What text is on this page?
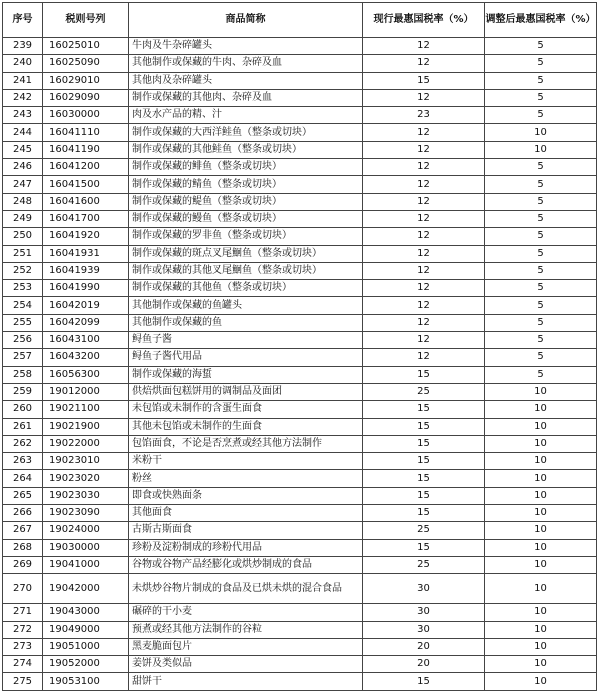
序号	税则号列	商品简称	现行最惠国税率（%）	调整后最惠国税率（%）
239	16025010	牛肉及牛杂碎罐头	12	5
240	16025090	其他制作或保藏的牛肉、杂碎及血	12	5
241	16029010	其他肉及杂碎罐头	15	5
242	16029090	制作或保藏的其他肉、杂碎及血	12	5
243	16030000	肉及水产品的精、汁	23	5
244	16041110	制作或保藏的大西洋鲑鱼（整条或切块）	12	10
245	16041190	制作或保藏的其他鲑鱼（整条或切块）	12	10
246	16041200	制作或保藏的鲱鱼（整条或切块）	12	5
247	16041500	制作或保藏的鲭鱼（整条或切块）	12	5
248	16041600	制作或保藏的鳀鱼（整条或切块）	12	5
249	16041700	制作或保藏的鳗鱼（整条或切块）	12	5
250	16041920	制作或保藏的罗非鱼（整条或切块）	12	5
251	16041931	制作或保藏的斑点叉尾鮰鱼（整条或切块）	12	5
252	16041939	制作或保藏的其他叉尾鮰鱼（整条或切块）	12	5
253	16041990	制作或保藏的其他鱼（整条或切块）	12	5
254	16042019	其他制作或保藏的鱼罐头	12	5
255	16042099	其他制作或保藏的鱼	12	5
256	16043100	鲟鱼子酱	12	5
257	16043200	鲟鱼子酱代用品	12	5
258	16056300	制作或保藏的海蜇	15	5
259	19012000	供焙烘面包糕饼用的调制品及面团	25	10
260	19021100	未包馅或未制作的含蛋生面食	15	10
261	19021900	其他未包馅或未制作的生面食	15	10
262	19022000	包馅面食，不论是否烹煮或经其他方法制作	15	10
263	19023010	米粉干	15	10
264	19023020	粉丝	15	10
265	19023030	即食或快熟面条	15	10
266	19023090	其他面食	15	10
267	19024000	古斯古斯面食	25	10
268	19030000	珍粉及淀粉制成的珍粉代用品	15	10
269	19041000	谷物或谷物产品经膨化或烘炒制成的食品	25	10
270	19042000	未烘炒谷物片制成的食品及已烘未烘的混合食品	30	10
271	19043000	碾碎的干小麦	30	10
272	19049000	预煮或经其他方法制作的谷粒	30	10
273	19051000	黑麦脆面包片	20	10
274	19052000	姜饼及类似品	20	10
275	19053100	甜饼干	15	10
